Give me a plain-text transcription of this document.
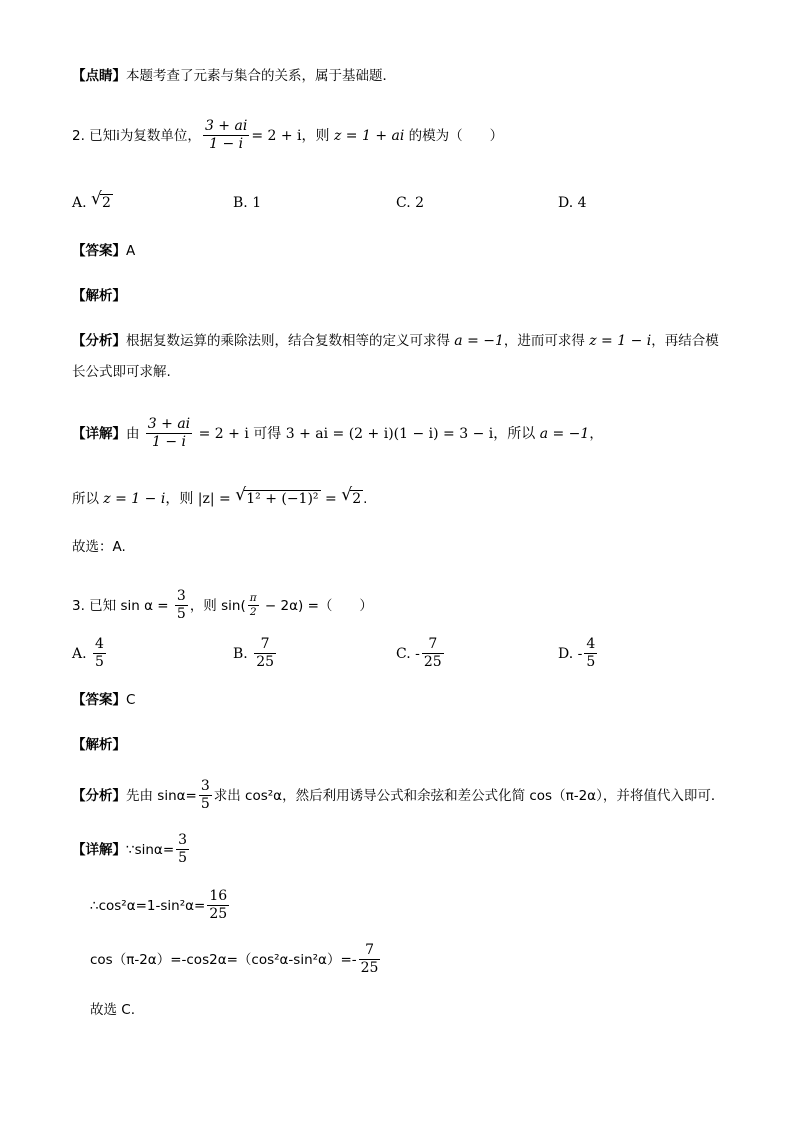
【点睛】本题考查了元素与集合的关系，属于基础题．
2. 已知i为复数单位， $\frac{3 + ai}{1 - i} = 2 + i$，则 z = 1 + ai 的模为（　　）
A. √ 2	B. 1	C. 2	D. 4
【答案】A
【解析】
【分析】根据复数运算的乘除法则，结合复数相等的定义可求得 a = −1，进而可求得 z = 1 − i，再结合模
长公式即可求解.
【详解】由 $\frac{3 + ai}{1 - i} = 2 + i$ 可得 3 + ai = (2 + i)(1 − i) = 3 − i，所以 a = −1，
所以 z = 1 − i，则 |z| = √ 1² + (−1)² = √ 2 .
故选：A.
3. 已知 $\sin \alpha = \frac{3}{5}$ ，则 $\sin( \frac{\pi}{2} - 2\alpha)$ =（　　）
A. $\frac{4}{5}$	B. $\frac{7}{25}$	C. - $\frac{7}{25}$	D. - $\frac{4}{5}$
【答案】C
【解析】
【分析】先由 $\sin\alpha= \frac{3}{5}$ 求出 cos²α，然后利用诱导公式和余弦和差公式化简 cos（π-2α），并将值代入即可．
【详解】∵sinα= $\frac{3}{5}$
∴cos²α=1-sin²α= $\frac{16}{25}$
$\cos(\pi-2\alpha)=-\cos 2\alpha=(\cos^2\alpha-\sin^2\alpha)=- \frac{7}{25}$
故选 C.
